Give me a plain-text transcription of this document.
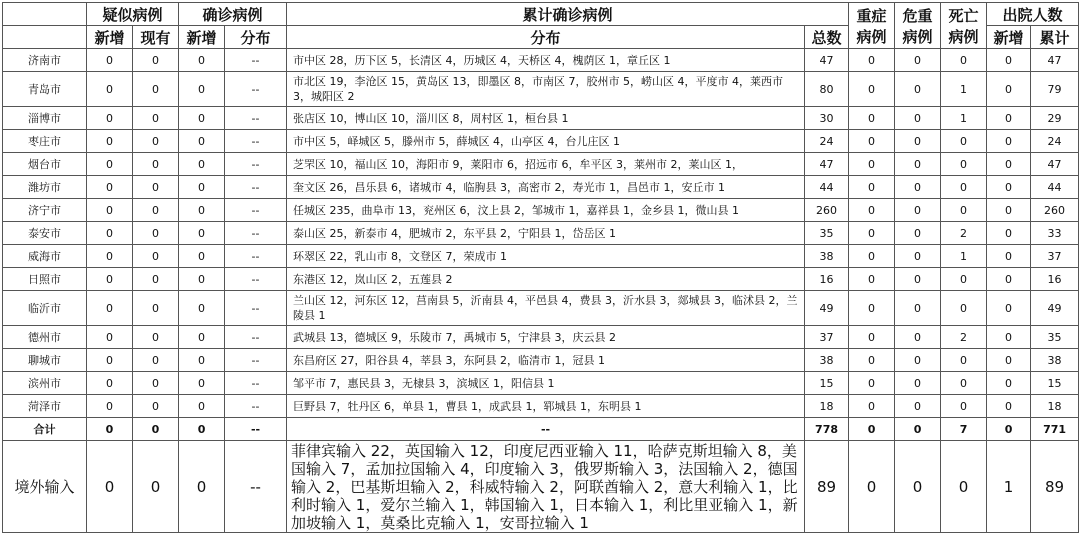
	疑似病例		确诊病例		累计确诊病例		重症病例	危重病例	死亡病例	出院人数	
	新增	现有	新增	分布	分布	总数				新增	累计
济南市	0	0	0	--	市中区 28，历下区 5，长清区 4，历城区 4，天桥区 4，槐荫区 1，章丘区 1	47	0	0	0	0	47
青岛市	0	0	0	--	市北区 19，李沧区 15，黄岛区 13，即墨区 8，市南区 7，胶州市 5，崂山区 4，平度市 4，莱西市 3，城阳区 2	80	0	0	1	0	79
淄博市	0	0	0	--	张店区 10，博山区 10，淄川区 8，周村区 1，桓台县 1	30	0	0	1	0	29
枣庄市	0	0	0	--	市中区 5，峄城区 5，滕州市 5，薛城区 4，山亭区 4，台儿庄区 1	24	0	0	0	0	24
烟台市	0	0	0	--	芝罘区 10，福山区 10，海阳市 9，莱阳市 6，招远市 6，牟平区 3，莱州市 2，莱山区 1，	47	0	0	0	0	47
潍坊市	0	0	0	--	奎文区 26，昌乐县 6，诸城市 4，临朐县 3，高密市 2，寿光市 1，昌邑市 1，安丘市 1	44	0	0	0	0	44
济宁市	0	0	0	--	任城区 235，曲阜市 13，兖州区 6，汶上县 2，邹城市 1，嘉祥县 1，金乡县 1，微山县 1	260	0	0	0	0	260
泰安市	0	0	0	--	泰山区 25，新泰市 4，肥城市 2，东平县 2，宁阳县 1，岱岳区 1	35	0	0	2	0	33
威海市	0	0	0	--	环翠区 22，乳山市 8，文登区 7，荣成市 1	38	0	0	1	0	37
日照市	0	0	0	--	东港区 12，岚山区 2，五莲县 2	16	0	0	0	0	16
临沂市	0	0	0	--	兰山区 12，河东区 12，莒南县 5，沂南县 4，平邑县 4，费县 3，沂水县 3，郯城县 3，临沭县 2，兰陵县 1	49	0	0	0	0	49
德州市	0	0	0	--	武城县 13，德城区 9，乐陵市 7，禹城市 5，宁津县 3，庆云县 2	37	0	0	2	0	35
聊城市	0	0	0	--	东昌府区 27，阳谷县 4，莘县 3，东阿县 2，临清市 1，冠县 1	38	0	0	0	0	38
滨州市	0	0	0	--	邹平市 7，惠民县 3，无棣县 3，滨城区 1，阳信县 1	15	0	0	0	0	15
菏泽市	0	0	0	--	巨野县 7，牡丹区 6，单县 1，曹县 1，成武县 1，郓城县 1，东明县 1	18	0	0	0	0	18
合计	0	0	0	--	--	778	0	0	7	0	771
境外输入	0	0	0	--	菲律宾输入 22，英国输入 12，印度尼西亚输入 11，哈萨克斯坦输入 8，美国输入 7，孟加拉国输入 4，印度输入 3，俄罗斯输入 3，法国输入 2，德国输入 2，巴基斯坦输入 2，科威特输入 2，阿联酋输入 2，意大利输入 1，比利时输入 1，爱尔兰输入 1，韩国输入 1，日本输入 1，利比里亚输入 1，新加坡输入 1，莫桑比克输入 1，安哥拉输入 1	89	0	0	0	1	89
